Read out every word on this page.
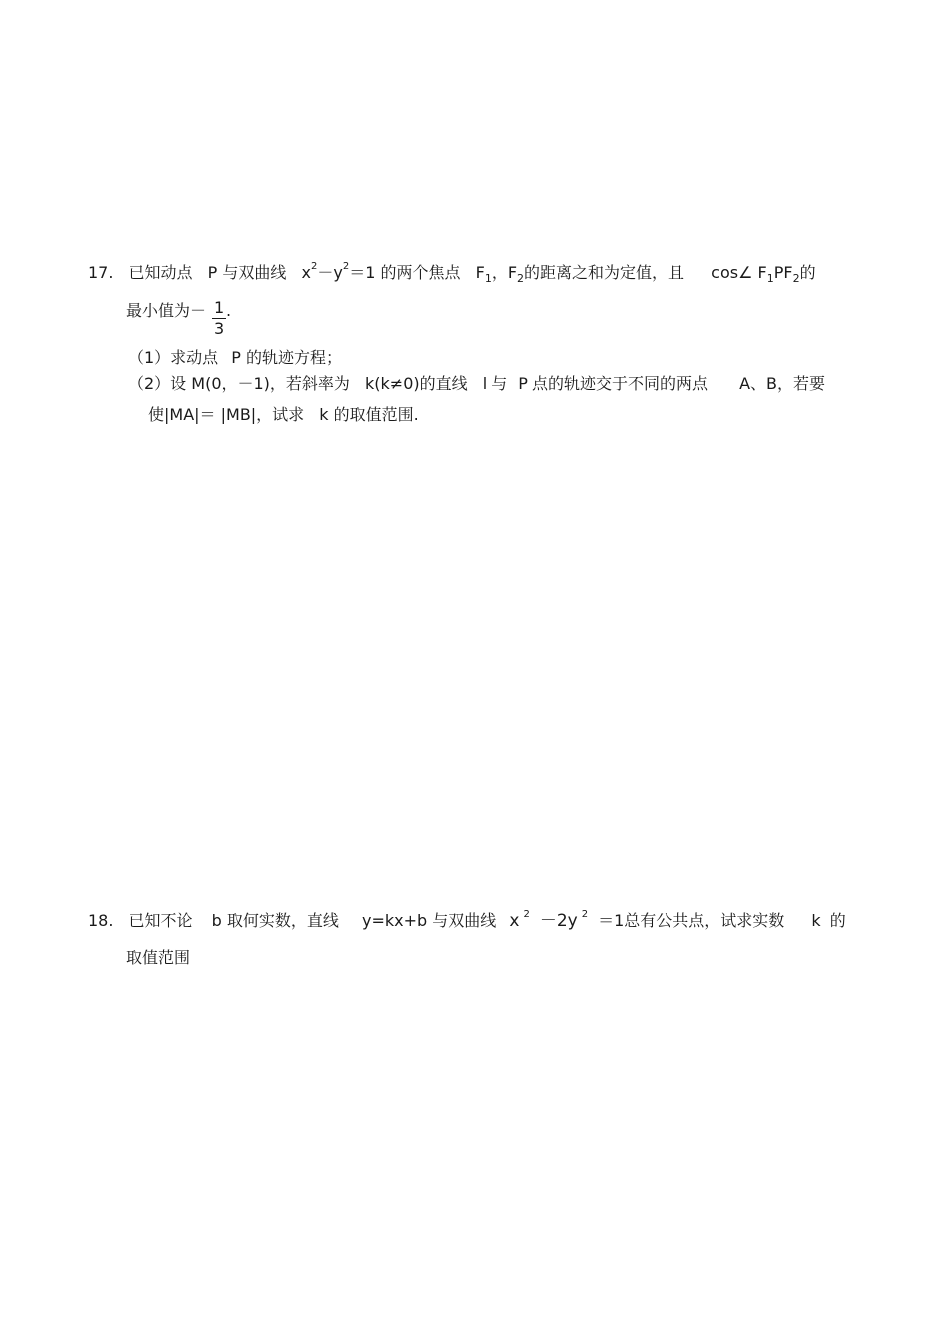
17. 已知动点 P 与双曲线 $x^2-y^2=1$ 的两个焦点 $F_1$，$F_2$的距离之和为定值，且 cos∠ $F_1PF_2$的
最小值为－ $\frac{1}{3}$ .
（1）求动点 P 的轨迹方程；
（2）设 M(0，－1)，若斜率为 k(k≠0)的直线 l 与 P 点的轨迹交于不同的两点 A、B，若要
使|MA|＝ |MB|，试求 k 的取值范围.
18. 已知不论 b 取何实数，直线 y=kx+b 与双曲线 x $^2$ －2y $^2$ ＝1总有公共点，试求实数 k 的
取值范围
